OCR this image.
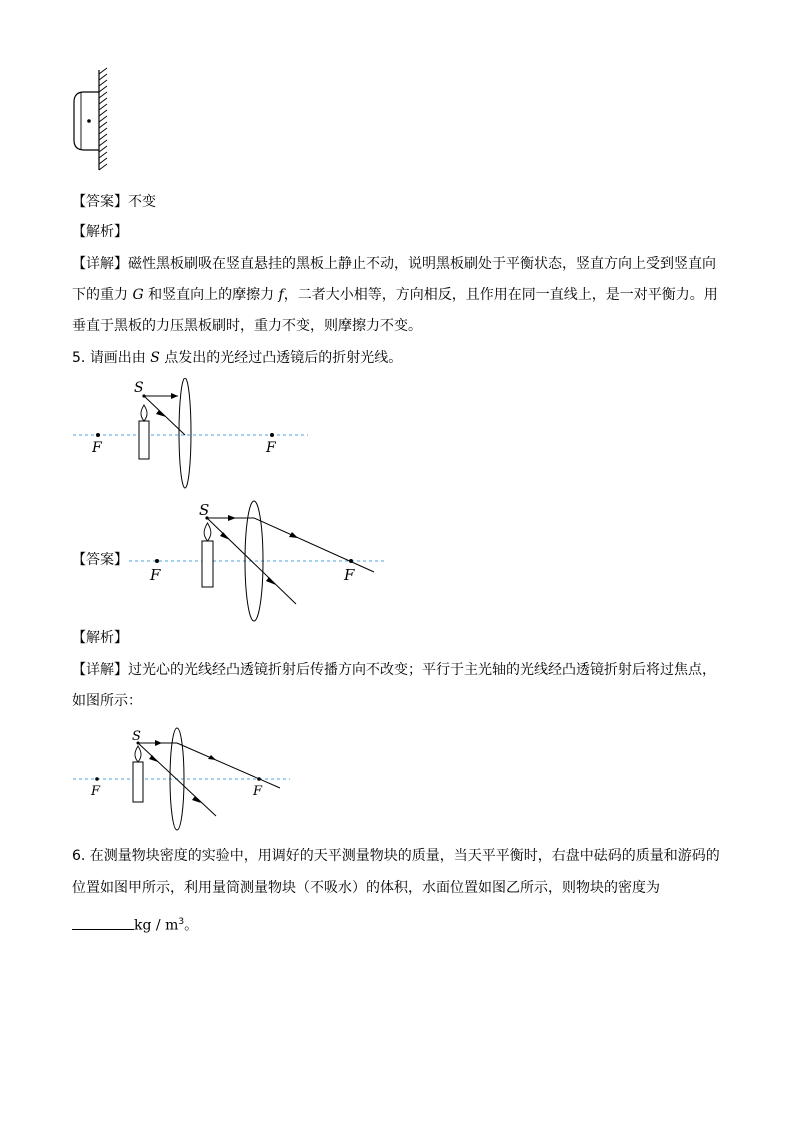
【答案】不变
【解析】
【详解】磁性黑板刷吸在竖直悬挂的黑板上静止不动，说明黑板刷处于平衡状态，竖直方向上受到竖直向
下的重力 G 和竖直向上的摩擦力 f，二者大小相等，方向相反，且作用在同一直线上，是一对平衡力。用
垂直于黑板的力压黑板刷时，重力不变，则摩擦力不变。
5. 请画出由 S 点发出的光经过凸透镜后的折射光线。
S
F	F
【答案】
S
F	F
【解析】
【详解】过光心的光线经凸透镜折射后传播方向不改变；平行于主光轴的光线经凸透镜折射后将过焦点，
如图所示：
S
F	F
6. 在测量物块密度的实验中，用调好的天平测量物块的质量，当天平平衡时，右盘中砝码的质量和游码的
位置如图甲所示，利用量筒测量物块（不吸水）的体积，水面位置如图乙所示，则物块的密度为
kg / $m^3$。
